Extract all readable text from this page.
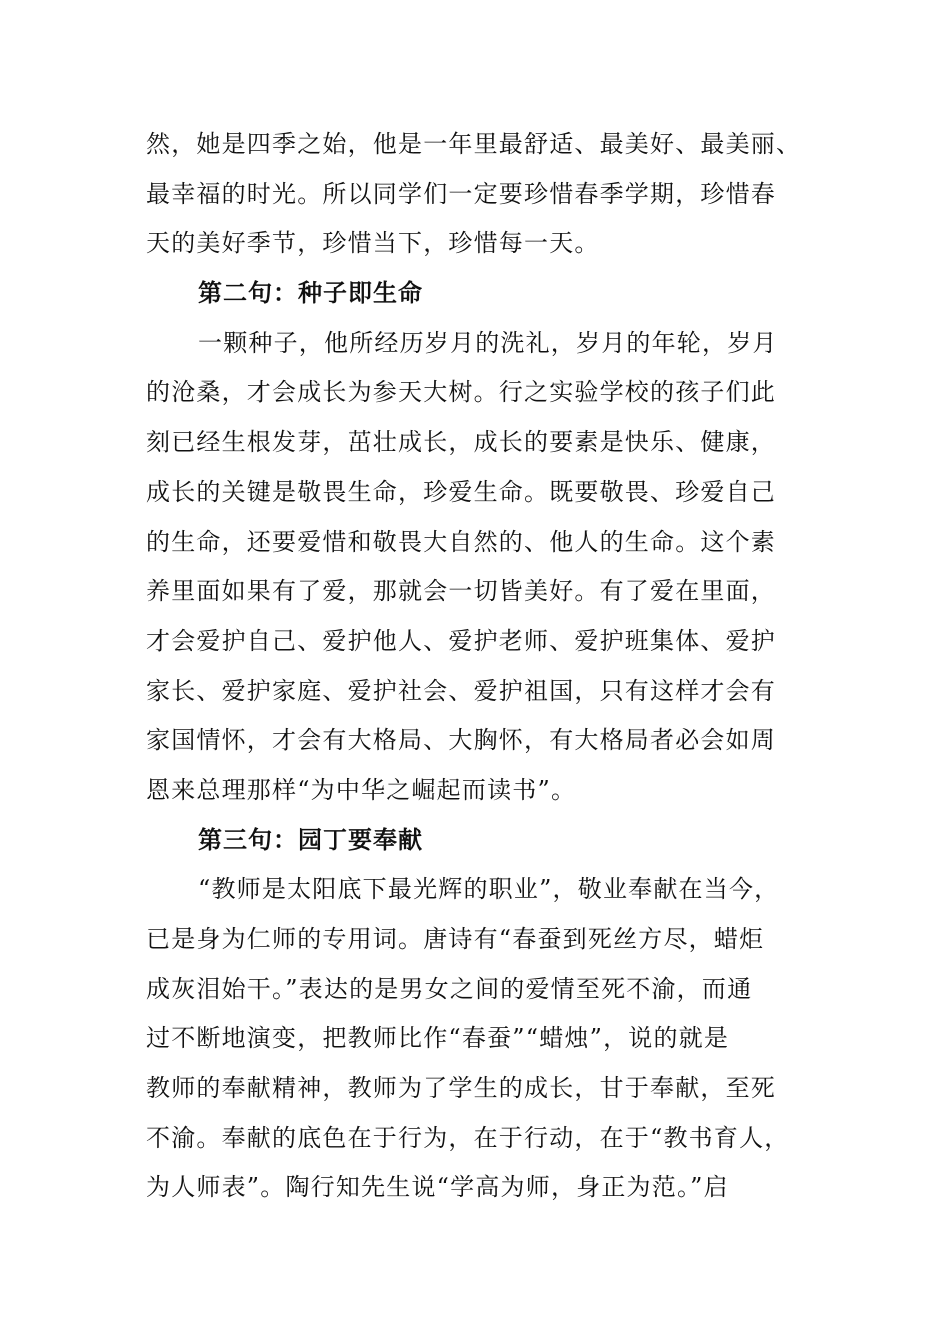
然，她是四季之始，他是一年里最舒适、最美好、最美丽、
最幸福的时光。所以同学们一定要珍惜春季学期，珍惜春
天的美好季节，珍惜当下，珍惜每一天。
第二句：种子即生命
一颗种子，他所经历岁月的洗礼，岁月的年轮，岁月
的沧桑，才会成长为参天大树。行之实验学校的孩子们此
刻已经生根发芽，茁壮成长，成长的要素是快乐、健康，
成长的关键是敬畏生命，珍爱生命。既要敬畏、珍爱自己
的生命，还要爱惜和敬畏大自然的、他人的生命。这个素
养里面如果有了爱，那就会一切皆美好。有了爱在里面，
才会爱护自己、爱护他人、爱护老师、爱护班集体、爱护
家长、爱护家庭、爱护社会、爱护祖国，只有这样才会有
家国情怀，才会有大格局、大胸怀，有大格局者必会如周
恩来总理那样“为中华之崛起而读书”。
第三句：园丁要奉献
“教师是太阳底下最光辉的职业”，敬业奉献在当今，
已是身为仁师的专用词。唐诗有“春蚕到死丝方尽，蜡炬
成灰泪始干。”表达的是男女之间的爱情至死不渝，而通
过不断地演变，把教师比作“春蚕”“蜡烛”，说的就是
教师的奉献精神，教师为了学生的成长，甘于奉献，至死
不渝。奉献的底色在于行为，在于行动，在于“教书育人，
为人师表”。陶行知先生说“学高为师，身正为范。”启
